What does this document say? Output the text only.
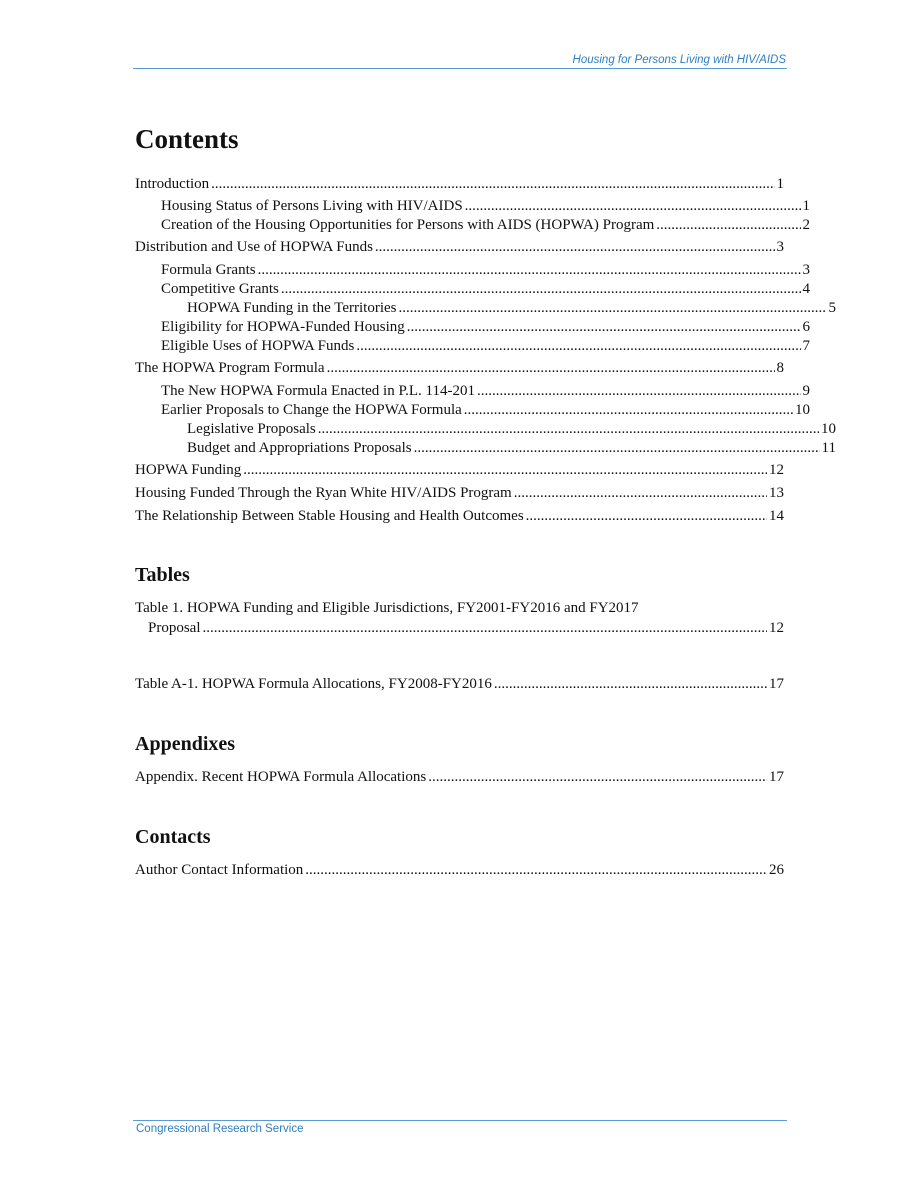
Housing for Persons Living with HIV/AIDS
Contents
Introduction .....	1
Housing Status of Persons Living with HIV/AIDS .....	1
Creation of the Housing Opportunities for Persons with AIDS (HOPWA) Program .....	2
Distribution and Use of HOPWA Funds .....	3
Formula Grants .....	3
Competitive Grants .....	4
HOPWA Funding in the Territories .....	5
Eligibility for HOPWA-Funded Housing .....	6
Eligible Uses of HOPWA Funds .....	7
The HOPWA Program Formula .....	8
The New HOPWA Formula Enacted in P.L. 114-201 .....	9
Earlier Proposals to Change the HOPWA Formula .....	10
Legislative Proposals .....	10
Budget and Appropriations Proposals .....	11
HOPWA Funding .....	12
Housing Funded Through the Ryan White HIV/AIDS Program .....	13
The Relationship Between Stable Housing and Health Outcomes .....	14
Tables
Table 1. HOPWA Funding and Eligible Jurisdictions, FY2001-FY2016 and FY2017
Proposal .....	12
Table A-1. HOPWA Formula Allocations, FY2008-FY2016 .....	17
Appendixes
Appendix. Recent HOPWA Formula Allocations .....	17
Contacts
Author Contact Information .....	26
Congressional Research Service
